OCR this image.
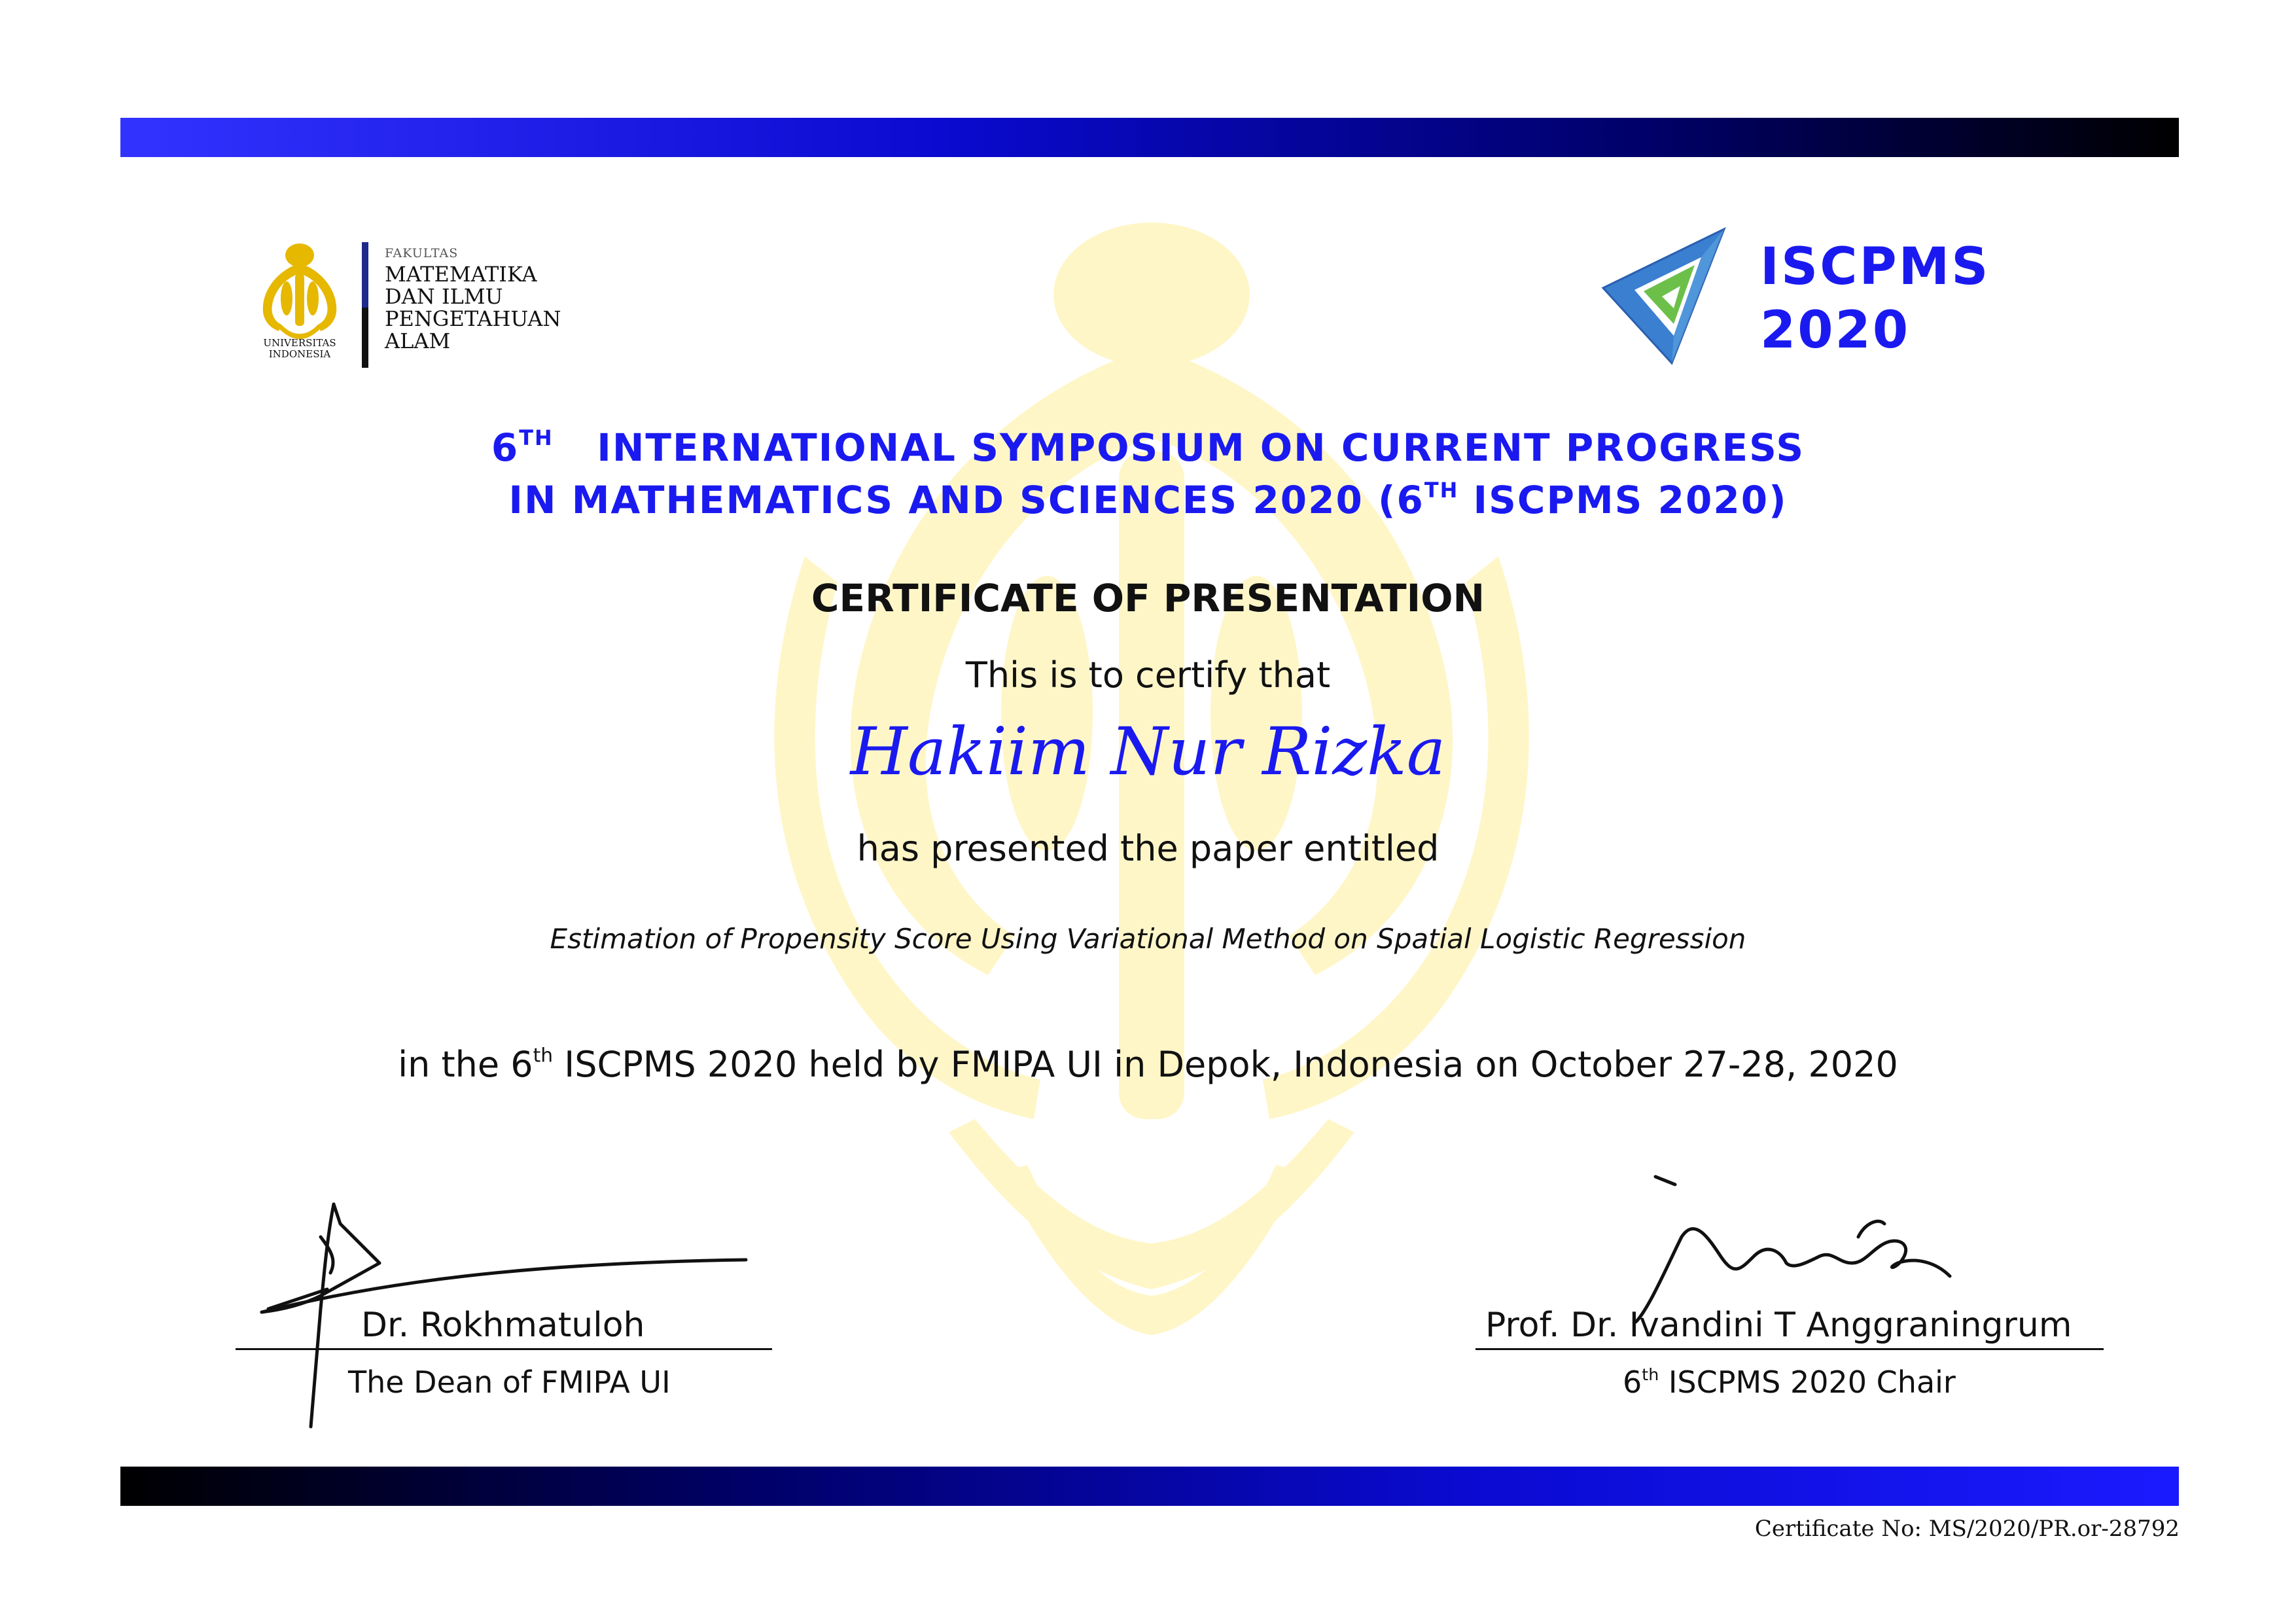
UNIVERSITAS
INDONESIA
FAKULTAS
MATEMATIKA
DAN ILMU
PENGETAHUAN
ALAM
ISCPMS
2020
6TH INTERNATIONAL SYMPOSIUM ON CURRENT PROGRESS
IN MATHEMATICS AND SCIENCES 2020 (6TH ISCPMS 2020)
CERTIFICATE OF PRESENTATION
This is to certify that
Hakiim Nur Rizka
has presented the paper entitled
Estimation of Propensity Score Using Variational Method on Spatial Logistic Regression
in the 6th ISCPMS 2020 held by FMIPA UI in Depok, Indonesia on October 27-28, 2020
Dr. Rokhmatuloh
The Dean of FMIPA UI
Prof. Dr. Ivandini T Anggraningrum
6th ISCPMS 2020 Chair
Certificate No: MS/2020/PR.or-28792
